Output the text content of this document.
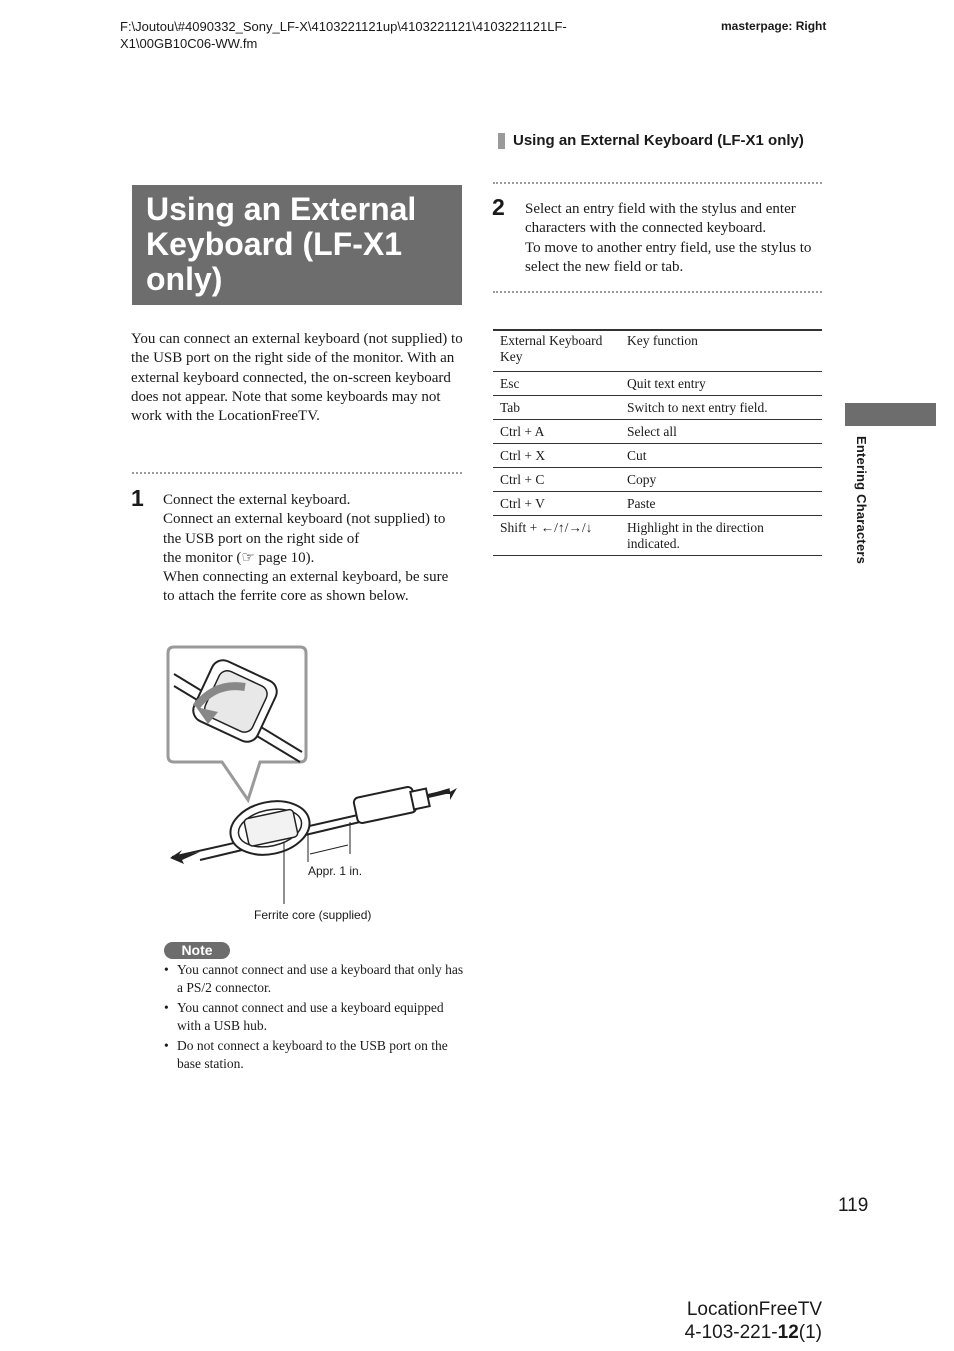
F:\Joutou\#4090332_Sony_LF-X\4103221121up\4103221121\4103221121LF-
X1\00GB10C06-WW.fm
masterpage: Right
Using an External Keyboard (LF-X1 only)
Using an External
Keyboard (LF-X1
only)
You can connect an external keyboard (not supplied) to the USB port on the right side of the monitor. With an external keyboard connected, the on-screen keyboard does not appear. Note that some keyboards may not work with the LocationFreeTV.
1 Connect the external keyboard.

Connect an external keyboard (not supplied) to the USB port on the right side of

the monitor (☞ page 10).

When connecting an external keyboard, be sure to attach the ferrite core as shown below.

Appr. 1 in.
Ferrite core (supplied)
Note
• You cannot connect and use a keyboard that only has a PS/2 connector.
• You cannot connect and use a keyboard equipped with a USB hub.
• Do not connect a keyboard to the USB port on the base station.
2 Select an entry field with the stylus and enter characters with the connected keyboard.

To move to another entry field, use the stylus to select the new field or tab.

External Keyboard Key	Key function
Esc	Quit text entry
Tab	Switch to next entry field.
Ctrl + A	Select all
Ctrl + X	Cut
Ctrl + C	Copy
Ctrl + V	Paste
Shift + ←/↑/→/↓	Highlight in the direction indicated.	Entering Characters
119
LocationFreeTV
4-103-221-12(1)
